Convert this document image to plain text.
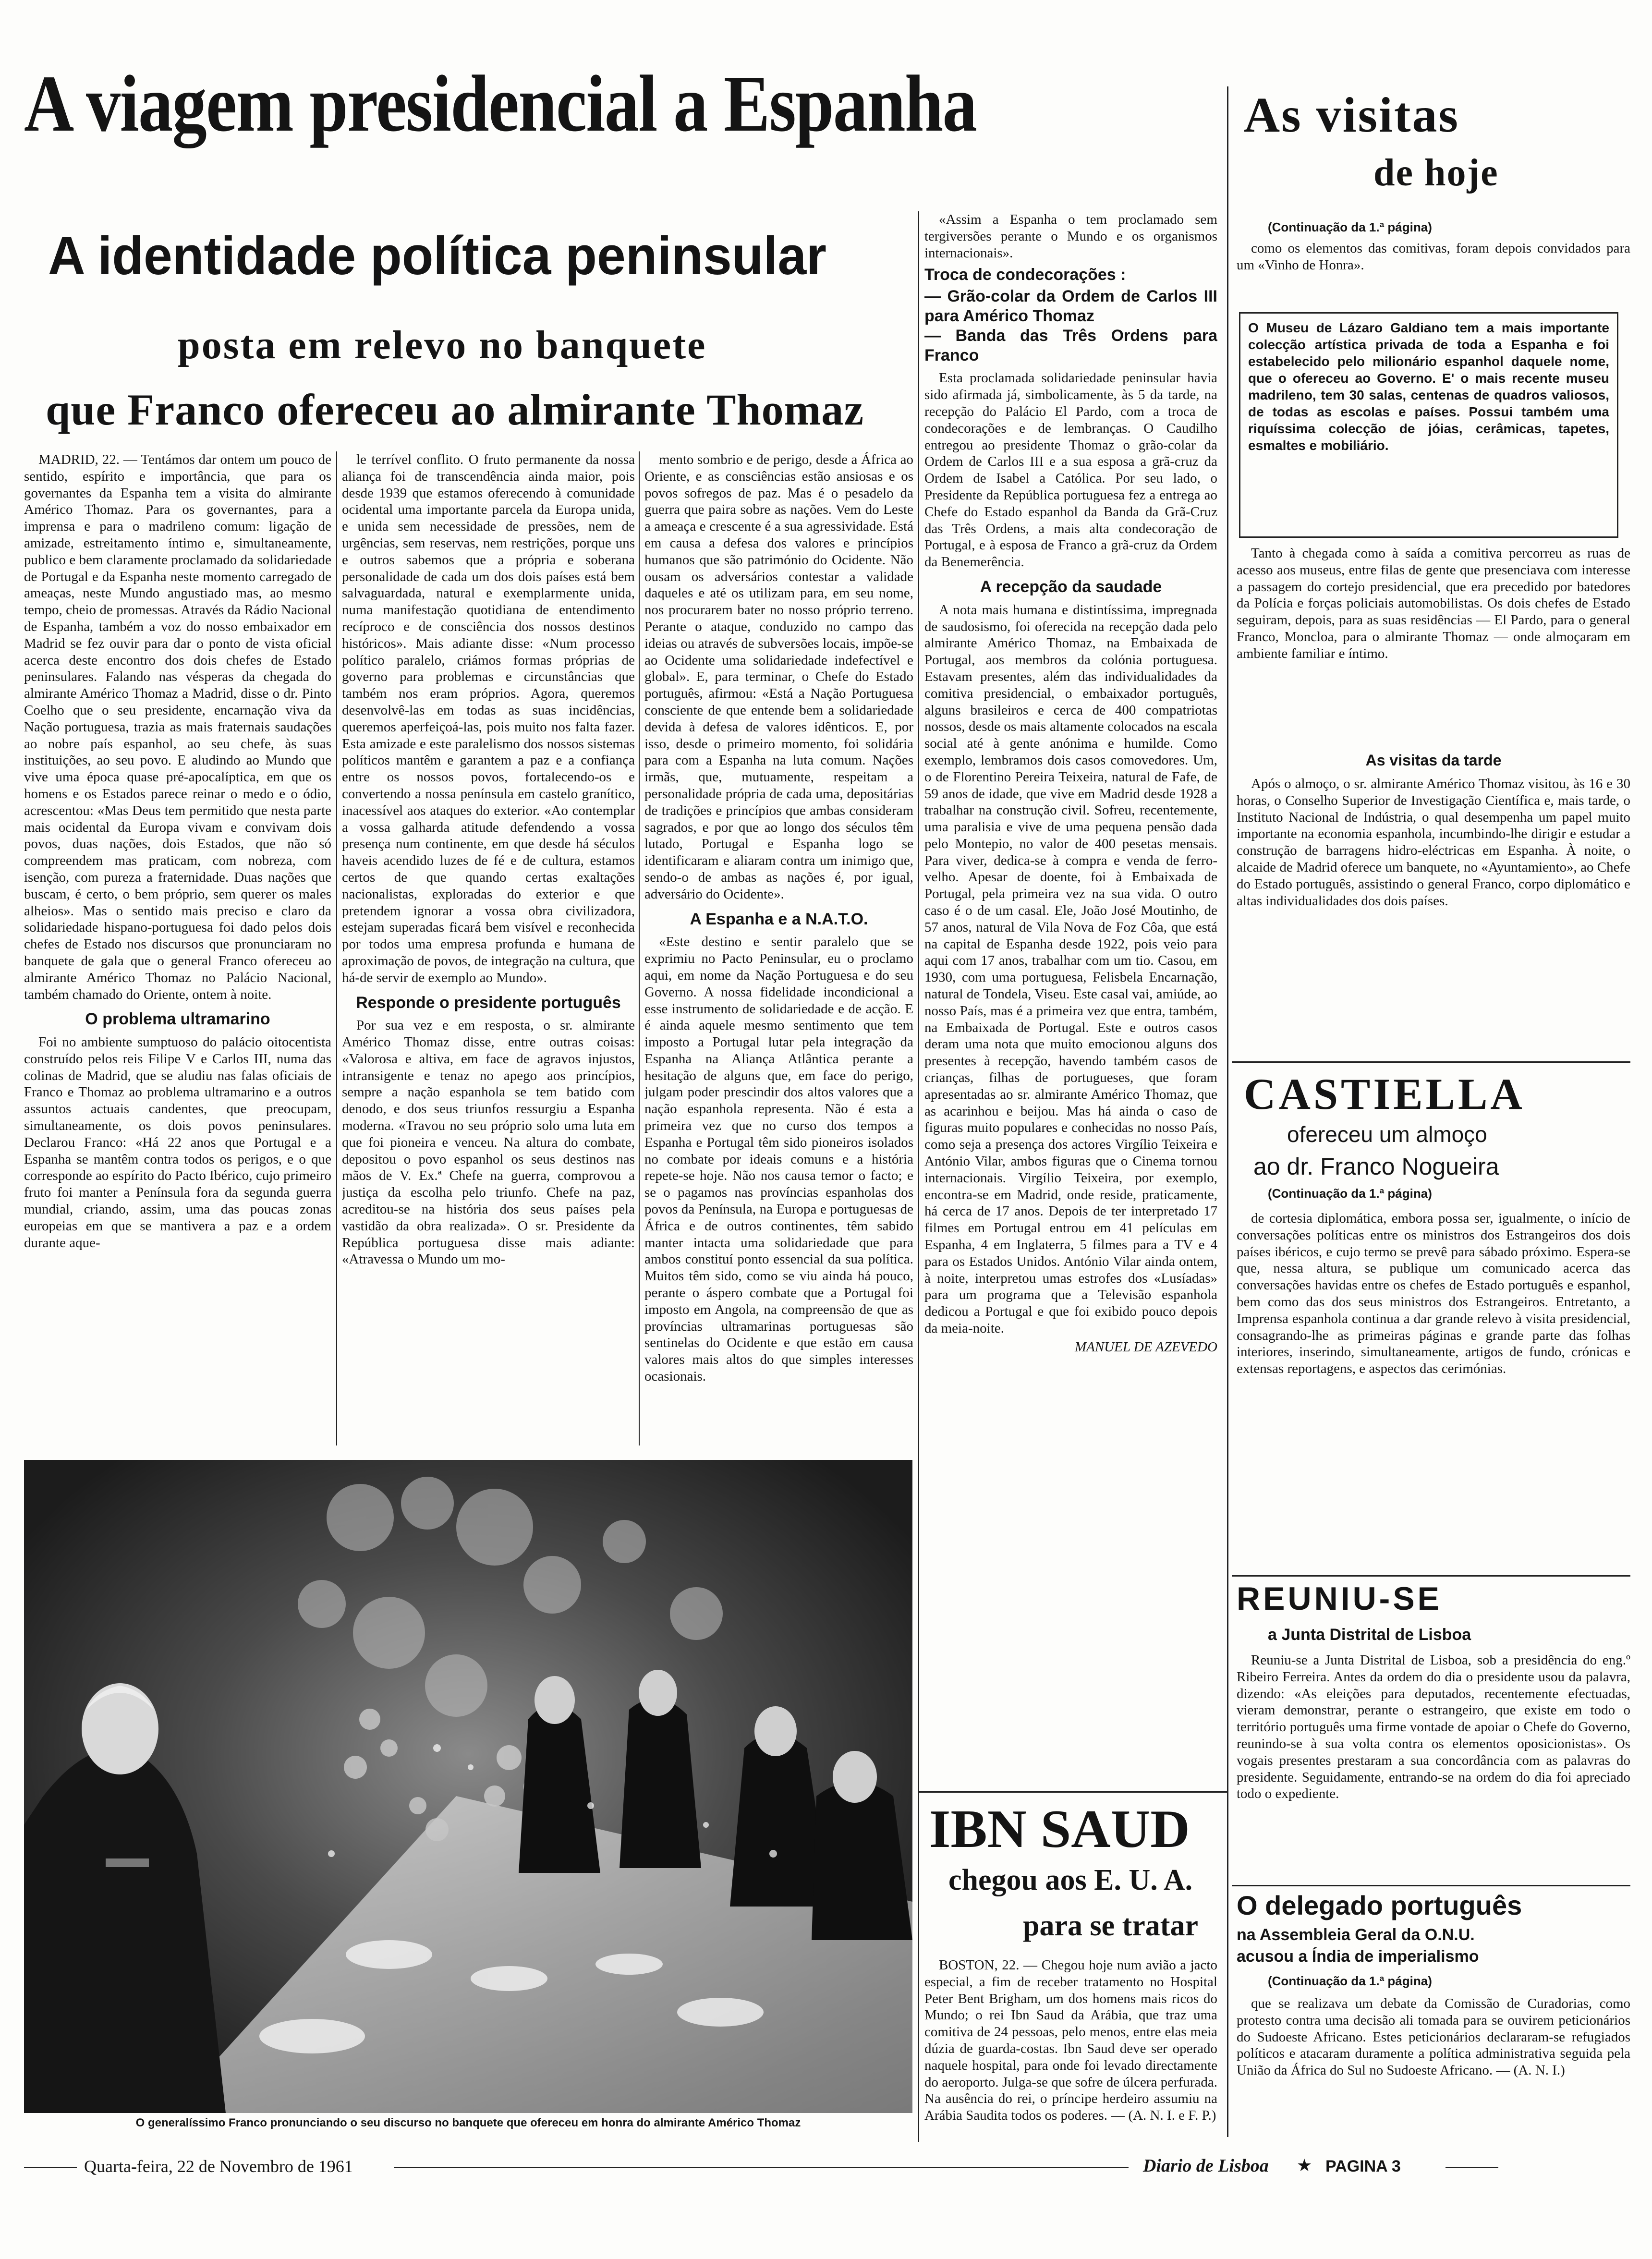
A viagem presidencial a Espanha
A identidade política peninsular
posta em relevo no banquete
que Franco ofereceu ao almirante Thomaz

MADRID, 22. — Tentámos dar ontem um pouco de sentido, espírito e importância, que para os governantes da Espanha tem a visita do almirante Américo Thomaz. Para os governantes, para a imprensa e para o madrileno comum: ligação de amizade, estreitamento íntimo e, simultaneamente, publico e bem claramente proclamado da solidariedade de Portugal e da Espanha neste momento carregado de ameaças, neste Mundo angustiado mas, ao mesmo tempo, cheio de promessas. Através da Rádio Nacional de Espanha, também a voz do nosso embaixador em Madrid se fez ouvir para dar o ponto de vista oficial acerca deste encontro dos dois chefes de Estado peninsulares. Falando nas vésperas da chegada do almirante Américo Thomaz a Madrid, disse o dr. Pinto Coelho que o seu presidente, encarnação viva da Nação portuguesa, trazia as mais fraternais saudações ao nobre país espanhol, ao seu chefe, às suas instituições, ao seu povo. E aludindo ao Mundo que vive uma época quase pré-apocalíptica, em que os homens e os Estados parece reinar o medo e o ódio, acrescentou: «Mas Deus tem permitido que nesta parte mais ocidental da Europa vivam e convivam dois povos, duas nações, dois Estados, que não só compreendem mas praticam, com nobreza, com isenção, com pureza a fraternidade. Duas nações que buscam, é certo, o bem próprio, sem querer os males alheios». Mas o sentido mais preciso e claro da solidariedade hispano-portuguesa foi dado pelos dois chefes de Estado nos discursos que pronunciaram no banquete de gala que o general Franco ofereceu ao almirante Américo Thomaz no Palácio Nacional, também chamado do Oriente, ontem à noite.

O problema ultramarino

Foi no ambiente sumptuoso do palácio oitocentista construído pelos reis Filipe V e Carlos III, numa das colinas de Madrid, que se aludiu nas falas oficiais de Franco e Thomaz ao problema ultramarino e a outros assuntos actuais candentes, que preocupam, simultaneamente, os dois povos peninsulares. Declarou Franco: «Há 22 anos que Portugal e a Espanha se mantêm contra todos os perigos, e o que corresponde ao espírito do Pacto Ibérico, cujo primeiro fruto foi manter a Península fora da segunda guerra mundial, criando, assim, uma das poucas zonas europeias em que se mantivera a paz e a ordem durante aque-

le terrível conflito. O fruto permanente da nossa aliança foi de transcendência ainda maior, pois desde 1939 que estamos oferecendo à comunidade ocidental uma importante parcela da Europa unida, e unida sem necessidade de pressões, nem de urgências, sem reservas, nem restrições, porque uns e outros sabemos que a própria e soberana personalidade de cada um dos dois países está bem salvaguardada, natural e exemplarmente unida, numa manifestação quotidiana de entendimento recíproco e de consciência dos nossos destinos históricos». Mais adiante disse: «Num processo político paralelo, criámos formas próprias de governo para problemas e circunstâncias que também nos eram próprios. Agora, queremos desenvolvê-las em todas as suas incidências, queremos aperfeiçoá-las, pois muito nos falta fazer. Esta amizade e este paralelismo dos nossos sistemas políticos mantêm e garantem a paz e a confiança entre os nossos povos, fortalecendo-os e convertendo a nossa península em castelo granítico, inacessível aos ataques do exterior. «Ao contemplar a vossa galharda atitude defendendo a vossa presença num continente, em que desde há séculos haveis acendido luzes de fé e de cultura, estamos certos de que quando certas exaltações nacionalistas, exploradas do exterior e que pretendem ignorar a vossa obra civilizadora, estejam superadas ficará bem visível e reconhecida por todos uma empresa profunda e humana de aproximação de povos, de integração na cultura, que há-de servir de exemplo ao Mundo».

Responde o presidente português

Por sua vez e em resposta, o sr. almirante Américo Thomaz disse, entre outras coisas: «Valorosa e altiva, em face de agravos injustos, intransigente e tenaz no apego aos princípios, sempre a nação espanhola se tem batido com denodo, e dos seus triunfos ressurgiu a Espanha moderna. «Travou no seu próprio solo uma luta em que foi pioneira e venceu. Na altura do combate, depositou o povo espanhol os seus destinos nas mãos de V. Ex.ª Chefe na guerra, comprovou a justiça da escolha pelo triunfo. Chefe na paz, acreditou-se na história dos seus países pela vastidão da obra realizada». O sr. Presidente da República portuguesa disse mais adiante: «Atravessa o Mundo um mo-

mento sombrio e de perigo, desde a África ao Oriente, e as consciências estão ansiosas e os povos sofregos de paz. Mas é o pesadelo da guerra que paira sobre as nações. Vem do Leste a ameaça e crescente é a sua agressividade. Está em causa a defesa dos valores e princípios humanos que são património do Ocidente. Não ousam os adversários contestar a validade daqueles e até os utilizam para, em seu nome, nos procurarem bater no nosso próprio terreno. Perante o ataque, conduzido no campo das ideias ou através de subversões locais, impõe-se ao Ocidente uma solidariedade indefectível e global». E, para terminar, o Chefe do Estado português, afirmou: «Está a Nação Portuguesa consciente de que entende bem a solidariedade devida à defesa de valores idênticos. E, por isso, desde o primeiro momento, foi solidária para com a Espanha na luta comum. Nações irmãs, que, mutuamente, respeitam a personalidade própria de cada uma, depositárias de tradições e princípios que ambas consideram sagrados, e por que ao longo dos séculos têm lutado, Portugal e Espanha logo se identificaram e aliaram contra um inimigo que, sendo-o de ambas as nações é, por igual, adversário do Ocidente».

A Espanha e a N.A.T.O.

«Este destino e sentir paralelo que se exprimiu no Pacto Peninsular, eu o proclamo aqui, em nome da Nação Portuguesa e do seu Governo. A nossa fidelidade incondicional a esse instrumento de solidariedade e de acção. E é ainda aquele mesmo sentimento que tem imposto a Portugal lutar pela integração da Espanha na Aliança Atlântica perante a hesitação de alguns que, em face do perigo, julgam poder prescindir dos altos valores que a nação espanhola representa. Não é esta a primeira vez que no curso dos tempos a Espanha e Portugal têm sido pioneiros isolados no combate por ideais comuns e a história repete-se hoje. Não nos causa temor o facto; e se o pagamos nas províncias espanholas dos povos da Península, na Europa e portuguesas de África e de outros continentes, têm sabido manter intacta uma solidariedade que para ambos constituí ponto essencial da sua política. Muitos têm sido, como se viu ainda há pouco, perante o áspero combate que a Portugal foi imposto em Angola, na compreensão de que as províncias ultramarinas portuguesas são sentinelas do Ocidente e que estão em causa valores mais altos do que simples interesses ocasionais.

«Assim a Espanha o tem proclamado sem tergiversões perante o Mundo e os organismos internacionais».

Troca de condecorações :
— Grão-colar da Ordem de Carlos III para Américo Thomaz
— Banda das Três Ordens para Franco

Esta proclamada solidariedade peninsular havia sido afirmada já, simbolicamente, às 5 da tarde, na recepção do Palácio El Pardo, com a troca de condecorações e de lembranças. O Caudilho entregou ao presidente Thomaz o grão-colar da Ordem de Carlos III e a sua esposa a grã-cruz da Ordem de Isabel a Católica. Por seu lado, o Presidente da República portuguesa fez a entrega ao Chefe do Estado espanhol da Banda da Grã-Cruz das Três Ordens, a mais alta condecoração de Portugal, e à esposa de Franco a grã-cruz da Ordem da Benemerência.

A recepção da saudade

A nota mais humana e distintíssima, impregnada de saudosismo, foi oferecida na recepção dada pelo almirante Américo Thomaz, na Embaixada de Portugal, aos membros da colónia portuguesa. Estavam presentes, além das individualidades da comitiva presidencial, o embaixador português, alguns brasileiros e cerca de 400 compatriotas nossos, desde os mais altamente colocados na escala social até à gente anónima e humilde. Como exemplo, lembramos dois casos comovedores. Um, o de Florentino Pereira Teixeira, natural de Fafe, de 59 anos de idade, que vive em Madrid desde 1928 a trabalhar na construção civil. Sofreu, recentemente, uma paralisia e vive de uma pequena pensão dada pelo Montepio, no valor de 400 pesetas mensais. Para viver, dedica-se à compra e venda de ferro-velho. Apesar de doente, foi à Embaixada de Portugal, pela primeira vez na sua vida. O outro caso é o de um casal. Ele, João José Moutinho, de 57 anos, natural de Vila Nova de Foz Côa, que está na capital de Espanha desde 1922, pois veio para aqui com 17 anos, trabalhar com um tio. Casou, em 1930, com uma portuguesa, Felisbela Encarnação, natural de Tondela, Viseu. Este casal vai, amiúde, ao nosso País, mas é a primeira vez que entra, também, na Embaixada de Portugal. Este e outros casos deram uma nota que muito emocionou alguns dos presentes à recepção, havendo também casos de crianças, filhas de portugueses, que foram apresentadas ao sr. almirante Américo Thomaz, que as acarinhou e beijou. Mas há ainda o caso de figuras muito populares e conhecidas no nosso País, como seja a presença dos actores Virgílio Teixeira e António Vilar, ambos figuras que o Cinema tornou internacionais. Virgílio Teixeira, por exemplo, encontra-se em Madrid, onde reside, praticamente, há cerca de 17 anos. Depois de ter interpretado 17 filmes em Portugal entrou em 41 películas em Espanha, 4 em Inglaterra, 5 filmes para a TV e 4 para os Estados Unidos. António Vilar ainda ontem, à noite, interpretou umas estrofes dos «Lusíadas» para um programa que a Televisão espanhola dedicou a Portugal e que foi exibido pouco depois da meia-noite.

MANUEL DE AZEVEDO
IBN SAUD
chegou aos E. U. A.
para se tratar

BOSTON, 22. — Chegou hoje num avião a jacto especial, a fim de receber tratamento no Hospital Peter Bent Brigham, um dos homens mais ricos do Mundo; o rei Ibn Saud da Arábia, que traz uma comitiva de 24 pessoas, pelo menos, entre elas meia dúzia de guarda-costas. Ibn Saud deve ser operado naquele hospital, para onde foi levado directamente do aeroporto. Julga-se que sofre de úlcera perfurada. Na ausência do rei, o príncipe herdeiro assumiu na Arábia Saudita todos os poderes. — (A. N. I. e F. P.)

O generalíssimo Franco pronunciando o seu discurso no banquete que ofereceu em honra do almirante Américo Thomaz
As visitas
de hoje
(Continuação da 1.ª página)

como os elementos das comitivas, foram depois convidados para um «Vinho de Honra».

O Museu de Lázaro Galdiano tem a mais importante colecção artística privada de toda a Espanha e foi estabelecido pelo milionário espanhol daquele nome, que o ofereceu ao Governo. E' o mais recente museu madrileno, tem 30 salas, centenas de quadros valiosos, de todas as escolas e países. Possui também uma riquíssima colecção de jóias, cerâmicas, tapetes, esmaltes e mobiliário.

Tanto à chegada como à saída a comitiva percorreu as ruas de acesso aos museus, entre filas de gente que presenciava com interesse a passagem do cortejo presidencial, que era precedido por batedores da Polícia e forças policiais automobilistas. Os dois chefes de Estado seguiram, depois, para as suas residências — El Pardo, para o general Franco, Moncloa, para o almirante Thomaz — onde almoçaram em ambiente familiar e íntimo.

As visitas da tarde

Após o almoço, o sr. almirante Américo Thomaz visitou, às 16 e 30 horas, o Conselho Superior de Investigação Científica e, mais tarde, o Instituto Nacional de Indústria, o qual desempenha um papel muito importante na economia espanhola, incumbindo-lhe dirigir e estudar a construção de barragens hidro-eléctricas em Espanha. À noite, o alcaide de Madrid oferece um banquete, no «Ayuntamiento», ao Chefe do Estado português, assistindo o general Franco, corpo diplomático e altas individualidades dos dois países.

CASTIELLA
ofereceu um almoço
ao dr. Franco Nogueira
(Continuação da 1.ª página)

de cortesia diplomática, embora possa ser, igualmente, o início de conversações políticas entre os ministros dos Estrangeiros dos dois países ibéricos, e cujo termo se prevê para sábado próximo. Espera-se que, nessa altura, se publique um comunicado acerca das conversações havidas entre os chefes de Estado português e espanhol, bem como das dos seus ministros dos Estrangeiros. Entretanto, a Imprensa espanhola continua a dar grande relevo à visita presidencial, consagrando-lhe as primeiras páginas e grande parte das folhas interiores, inserindo, simultaneamente, artigos de fundo, crónicas e extensas reportagens, e aspectos das cerimónias.

REUNIU-SE
a Junta Distrital de Lisboa

Reuniu-se a Junta Distrital de Lisboa, sob a presidência do eng.º Ribeiro Ferreira. Antes da ordem do dia o presidente usou da palavra, dizendo: «As eleições para deputados, recentemente efectuadas, vieram demonstrar, perante o estrangeiro, que existe em todo o território português uma firme vontade de apoiar o Chefe do Governo, reunindo-se à sua volta contra os elementos oposicionistas». Os vogais presentes prestaram a sua concordância com as palavras do presidente. Seguidamente, entrando-se na ordem do dia foi apreciado todo o expediente.

O delegado português
na Assembleia Geral da O.N.U.
acusou a Índia de imperialismo
(Continuação da 1.ª página)

que se realizava um debate da Comissão de Curadorias, como protesto contra uma decisão ali tomada para se ouvirem peticionários do Sudoeste Africano. Estes peticionários declararam-se refugiados políticos e atacaram duramente a política administrativa seguida pela União da África do Sul no Sudoeste Africano. — (A. N. I.)

Quarta-feira, 22 de Novembro de 1961	Diario de Lisboa ★ PAGINA 3
